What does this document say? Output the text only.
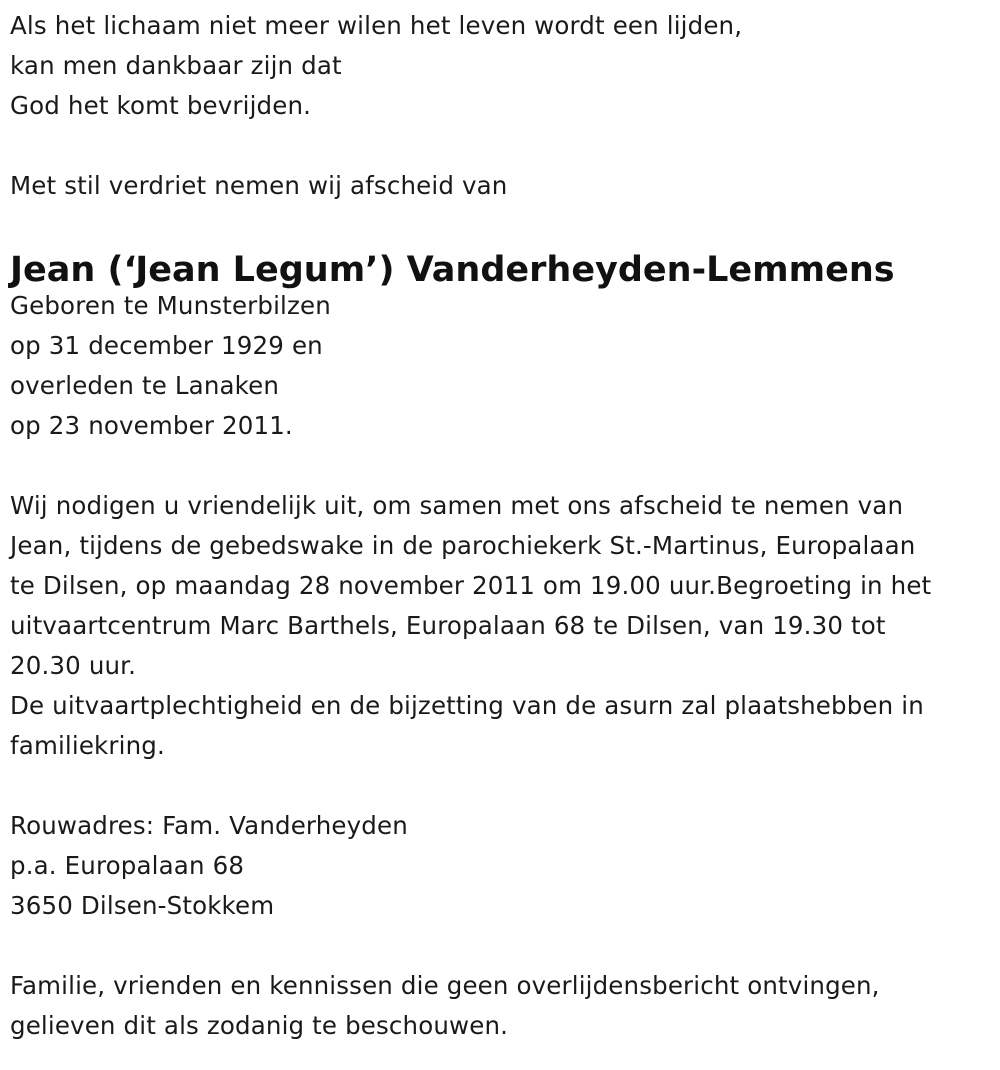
Als het lichaam niet meer wilen het leven wordt een lijden,
kan men dankbaar zijn dat
God het komt bevrijden.
Met stil verdriet nemen wij afscheid van
Jean (‘Jean Legum’) Vanderheyden-Lemmens
Geboren te Munsterbilzen
op 31 december 1929 en
overleden te Lanaken
op 23 november 2011.
Wij nodigen u vriendelijk uit, om samen met ons afscheid te nemen van
Jean, tijdens de gebedswake in de parochiekerk St.-Martinus, Europalaan
te Dilsen, op maandag 28 november 2011 om 19.00 uur.Begroeting in het
uitvaartcentrum Marc Barthels, Europalaan 68 te Dilsen, van 19.30 tot
20.30 uur.
De uitvaartplechtigheid en de bijzetting van de asurn zal plaatshebben in
familiekring.
Rouwadres: Fam. Vanderheyden
p.a. Europalaan 68
3650 Dilsen-Stokkem
Familie, vrienden en kennissen die geen overlijdensbericht ontvingen,
gelieven dit als zodanig te beschouwen.
